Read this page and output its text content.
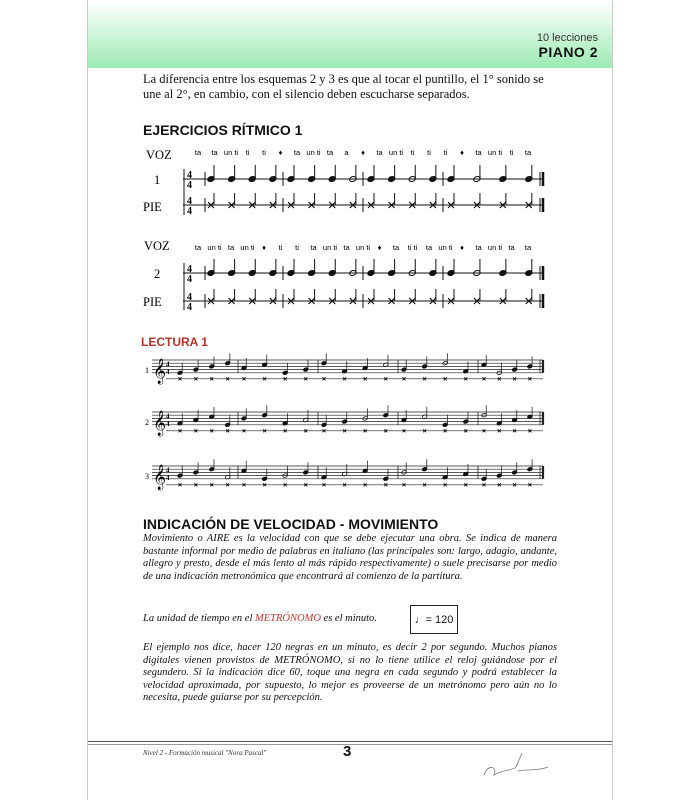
10 lecciones
PIANO 2
La diferencia entre los esquemas 2 y 3 es que al tocar el puntillo, el 1° sonido se une al 2°, en cambio, con el silencio deben escucharse separados.
EJERCICIOS RÍTMICO 1
VOZ	ta ta un ti ti ti ♦ ta un ti ta a ♦ ta un ti ti ti ti ♦ ta un ti ti ta
1
PIE
4
4
4
4
VOZ	ta un ti ta un ti ♦ ti ti ta un ti ta un ti ♦ ta ti ti ta un ti ♦ ta un ti ta ta
2
PIE
4
4
4
4
LECTURA 1
1 𝄞 4
4
2 𝄞 4
4
3 𝄞 4
4
INDICACIÓN DE VELOCIDAD - MOVIMIENTO
Movimiento o AIRE es la velocidad con que se debe ejecutar una obra. Se indica de manera bastante informal por medio de palabras en italiano (las principales son: largo, adagio, andante, allegro y presto, desde el más lento al más rápido respectivamente) o suele precisarse por medio de una indicación metronómica que encontrará al comienzo de la partitura.
La unidad de tiempo en el METRÓNOMO es el minuto.	♩= 120
El ejemplo nos dice, hacer 120 negras en un minuto, es decir 2 por segundo. Muchos pianos digitales vienen provistos de METRÓNOMO, si no lo tiene utilice el reloj guiándose por el segundero. Si la indicación dice 60, toque una negra en cada segundo y podrá establecer la velocidad aproximada, por supuesto, lo mejor es proveerse de un metrónomo pero aún no lo necesita, puede guiarse por su percepción.
Nivel 2 - Formación musical "Nora Pascal"	3
